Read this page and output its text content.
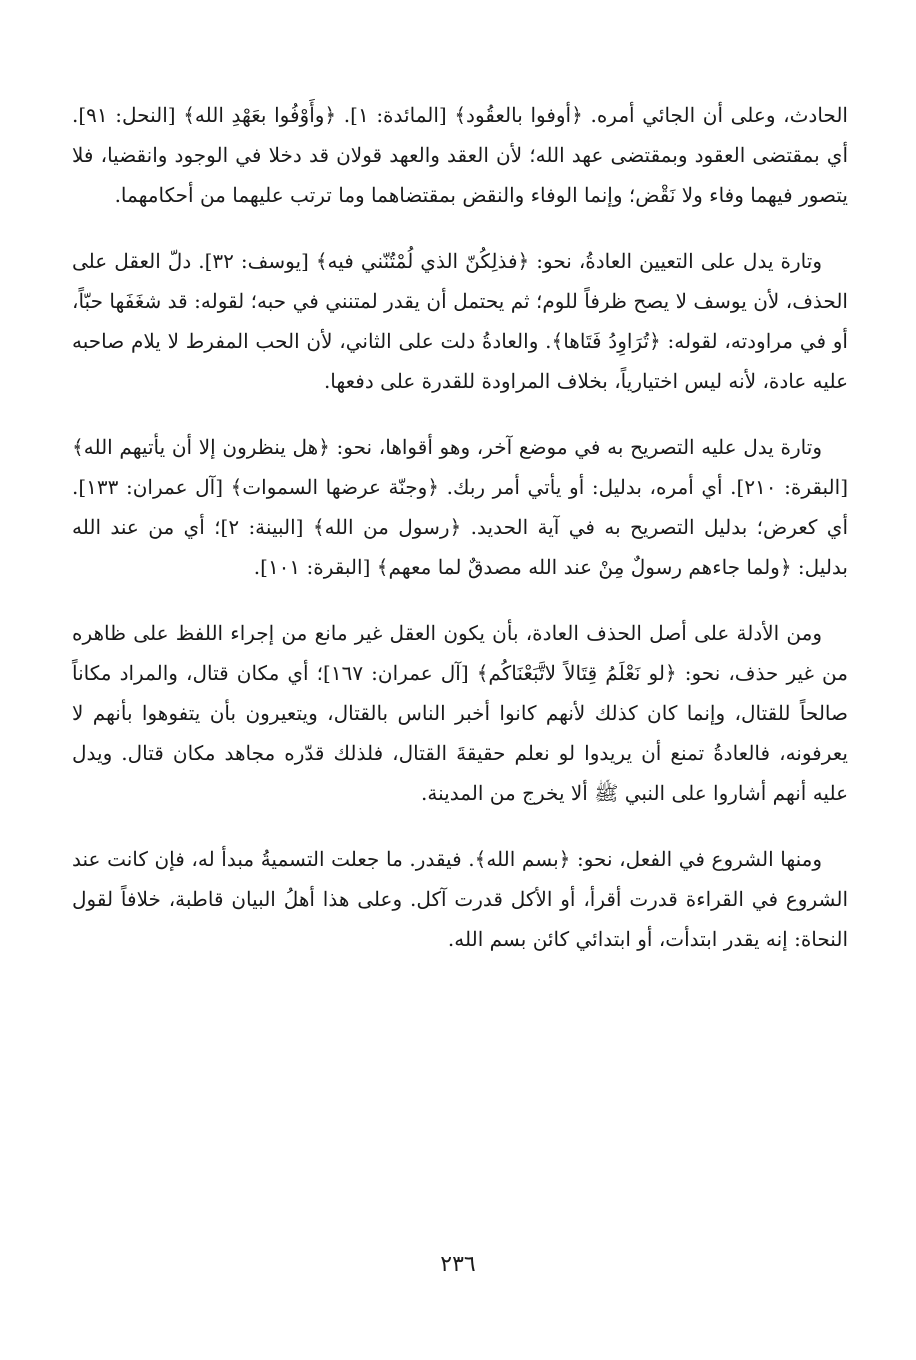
الحادث، وعلى أن الجائي أمره. ﴿أوفوا بالعقُود﴾ [المائدة: ١]. ﴿وأَوْفُوا بعَهْدِ الله﴾ [النحل: ٩١]. أي بمقتضى العقود وبمقتضى عهد الله؛ لأن العقد والعهد قولان قد دخلا في الوجود وانقضيا، فلا يتصور فيهما وفاء ولا نَقْض؛ وإنما الوفاء والنقض بمقتضاهما وما ترتب عليهما من أحكامهما.

وتارة يدل على التعيين العادةُ، نحو: ﴿فذلِكُنّ الذي لُمْتُنّني فيه﴾ [يوسف: ٣٢]. دلّ العقل على الحذف، لأن يوسف لا يصح ظرفاً للوم؛ ثم يحتمل أن يقدر لمتنني في حبه؛ لقوله: قد شغَفَها حبّاً، أو في مراودته، لقوله: ﴿تُرَاوِدُ فَتَاها﴾. والعادةُ دلت على الثاني، لأن الحب المفرط لا يلام صاحبه عليه عادة، لأنه ليس اختيارياً، بخلاف المراودة للقدرة على دفعها.

وتارة يدل عليه التصريح به في موضع آخر، وهو أقواها، نحو: ﴿هل ينظرون إلا أن يأتيهم الله﴾ [البقرة: ٢١٠]. أي أمره، بدليل: أو يأتي أمر ربك. ﴿وجنّة عرضها السموات﴾ [آل عمران: ١٣٣]. أي كعرض؛ بدليل التصريح به في آية الحديد. ﴿رسول من الله﴾ [البينة: ٢]؛ أي من عند الله بدليل: ﴿ولما جاءهم رسولٌ مِنْ عند الله مصدقٌ لما معهم﴾ [البقرة: ١٠١].

ومن الأدلة على أصل الحذف العادة، بأن يكون العقل غير مانع من إجراء اللفظ على ظاهره من غير حذف، نحو: ﴿لو نَعْلَمُ قِتَالاً لاتَّبَعْنَاكُم﴾ [آل عمران: ١٦٧]؛ أي مكان قتال، والمراد مكاناً صالحاً للقتال، وإنما كان كذلك لأنهم كانوا أخبر الناس بالقتال، ويتعيرون بأن يتفوهوا بأنهم لا يعرفونه، فالعادةُ تمنع أن يريدوا لو نعلم حقيقةَ القتال، فلذلك قدّره مجاهد مكان قتال. ويدل عليه أنهم أشاروا على النبي ﷺ ألا يخرج من المدينة.

ومنها الشروع في الفعل، نحو: ﴿بسم الله﴾. فيقدر. ما جعلت التسميةُ مبدأ له، فإن كانت عند الشروع في القراءة قدرت أقرأ، أو الأكل قدرت آكل. وعلى هذا أهلُ البيان قاطبة، خلافاً لقول النحاة: إنه يقدر ابتدأت، أو ابتدائي كائن بسم الله.

٢٣٦
